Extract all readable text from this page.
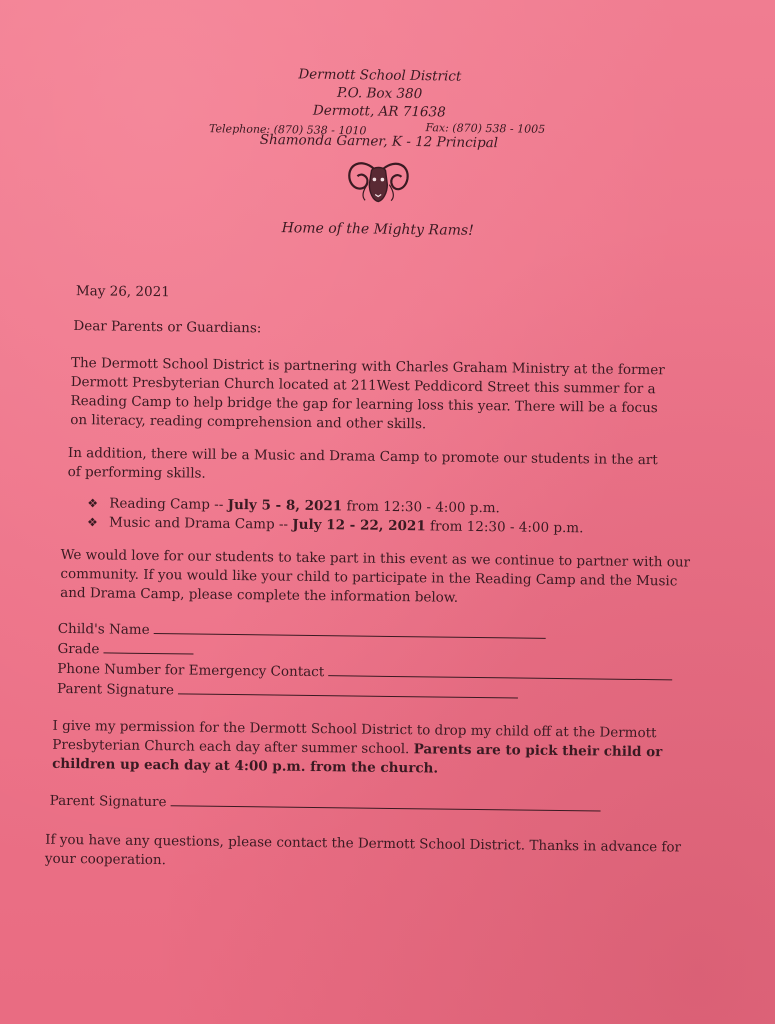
Dermott School District
P.O. Box 380
Dermott, AR 71638
Telephone: (870) 538 - 1010	Fax: (870) 538 - 1005
Shamonda Garner, K - 12 Principal
Home of the Mighty Rams!

May 26, 2021

Dear Parents or Guardians:

The Dermott School District is partnering with Charles Graham Ministry at the former Dermott Presbyterian Church located at 211West Peddicord Street this summer for a Reading Camp to help bridge the gap for learning loss this year. There will be a focus on literacy, reading comprehension and other skills.

In addition, there will be a Music and Drama Camp to promote our students in the art of performing skills.

❖ Reading Camp -- July 5 - 8, 2021 from 12:30 - 4:00 p.m.
❖ Music and Drama Camp -- July 12 - 22, 2021 from 12:30 - 4:00 p.m.

We would love for our students to take part in this event as we continue to partner with our community. If you would like your child to participate in the Reading Camp and the Music and Drama Camp, please complete the information below.

Child's Name
Grade
Phone Number for Emergency Contact
Parent Signature

I give my permission for the Dermott School District to drop my child off at the Dermott Presbyterian Church each day after summer school. Parents are to pick their child or children up each day at 4:00 p.m. from the church.

Parent Signature

If you have any questions, please contact the Dermott School District. Thanks in advance for your cooperation.
